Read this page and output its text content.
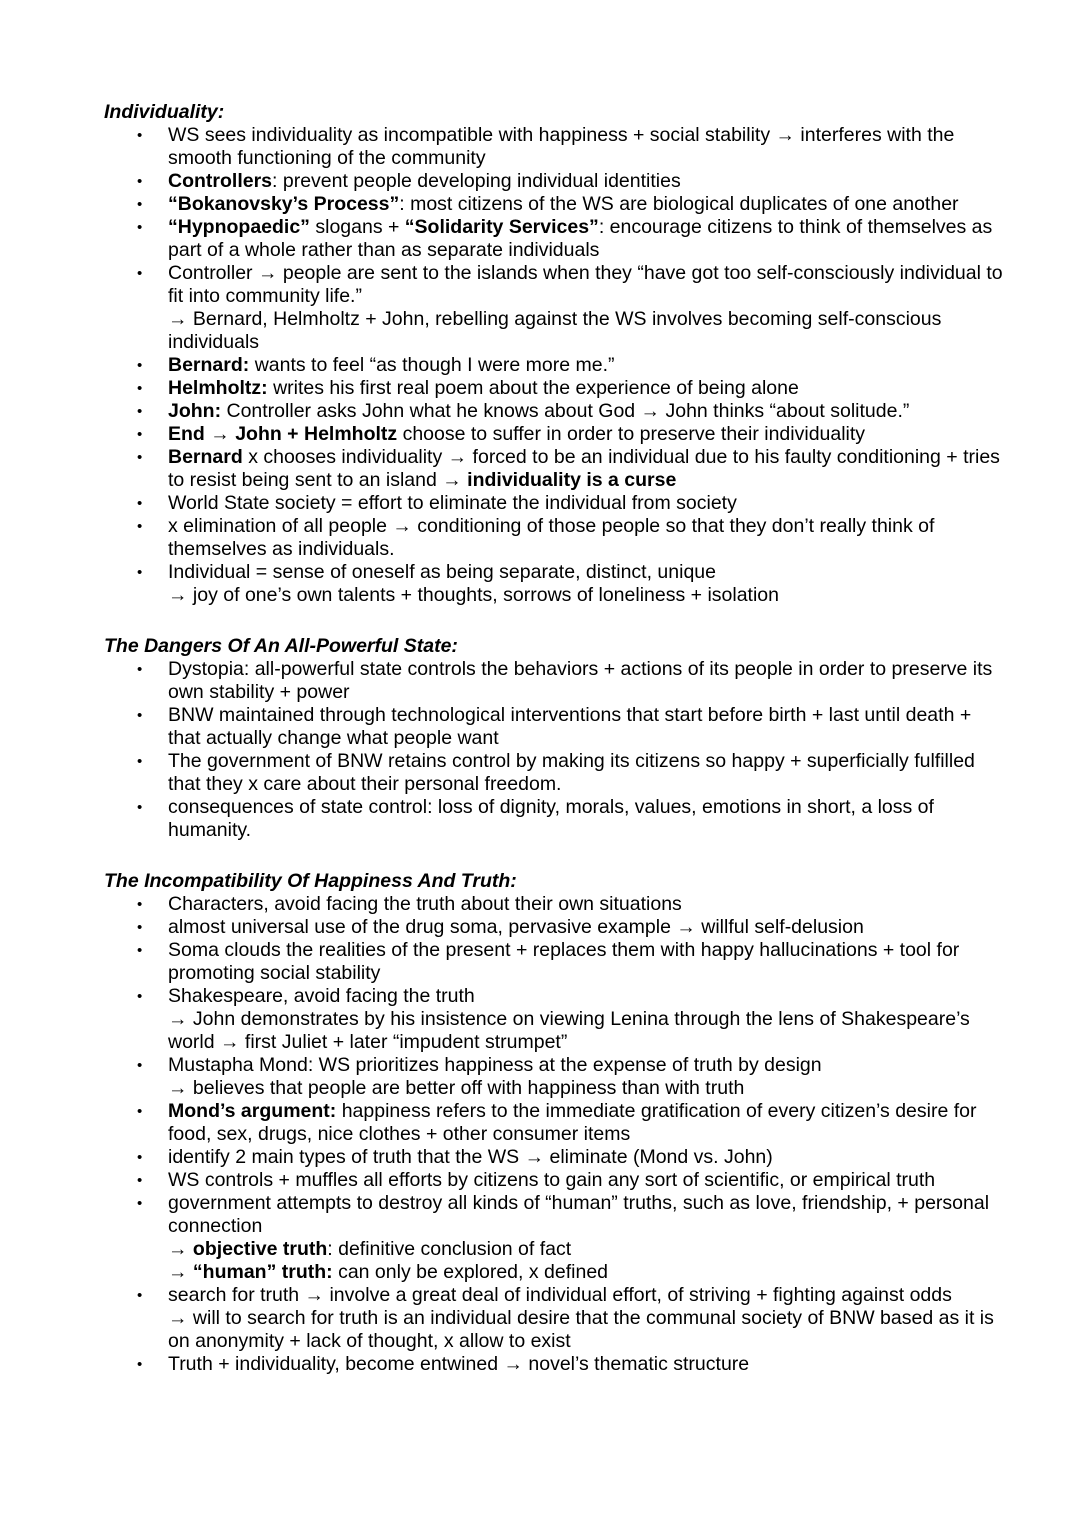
Individuality:
• WS sees individuality as incompatible with happiness + social stability → interferes with the smooth functioning of the community
• Controllers: prevent people developing individual identities
• “Bokanovsky’s Process”: most citizens of the WS are biological duplicates of one another
• “Hypnopaedic” slogans + “Solidarity Services”: encourage citizens to think of themselves as part of a whole rather than as separate individuals
• Controller → people are sent to the islands when they “have got too self-consciously individual to fit into community life.”
→ Bernard, Helmholtz + John, rebelling against the WS involves becoming self-conscious individuals
• Bernard: wants to feel “as though I were more me.”
• Helmholtz: writes his first real poem about the experience of being alone
• John: Controller asks John what he knows about God → John thinks “about solitude.”
• End → John + Helmholtz choose to suffer in order to preserve their individuality
• Bernard x chooses individuality → forced to be an individual due to his faulty conditioning + tries to resist being sent to an island → individuality is a curse
• World State society = effort to eliminate the individual from society
• x elimination of all people → conditioning of those people so that they don’t really think of themselves as individuals.
• Individual = sense of oneself as being separate, distinct, unique
→ joy of one’s own talents + thoughts, sorrows of loneliness + isolation
The Dangers Of An All-Powerful State:
• Dystopia: all-powerful state controls the behaviors + actions of its people in order to preserve its own stability + power
• BNW maintained through technological interventions that start before birth + last until death + that actually change what people want
• The government of BNW retains control by making its citizens so happy + superficially fulfilled that they x care about their personal freedom.
• consequences of state control: loss of dignity, morals, values, emotions in short, a loss of humanity.
The Incompatibility Of Happiness And Truth:
• Characters, avoid facing the truth about their own situations
• almost universal use of the drug soma, pervasive example → willful self-delusion
• Soma clouds the realities of the present + replaces them with happy hallucinations + tool for promoting social stability
• Shakespeare, avoid facing the truth
→ John demonstrates by his insistence on viewing Lenina through the lens of Shakespeare’s world → first Juliet + later “impudent strumpet”
• Mustapha Mond: WS prioritizes happiness at the expense of truth by design
→ believes that people are better off with happiness than with truth
• Mond’s argument: happiness refers to the immediate gratification of every citizen’s desire for food, sex, drugs, nice clothes + other consumer items
• identify 2 main types of truth that the WS → eliminate (Mond vs. John)
• WS controls + muffles all efforts by citizens to gain any sort of scientific, or empirical truth
• government attempts to destroy all kinds of “human” truths, such as love, friendship, + personal connection
→ objective truth: definitive conclusion of fact
→ “human” truth: can only be explored, x defined
• search for truth → involve a great deal of individual effort, of striving + fighting against odds
→ will to search for truth is an individual desire that the communal society of BNW based as it is on anonymity + lack of thought, x allow to exist
• Truth + individuality, become entwined → novel’s thematic structure
